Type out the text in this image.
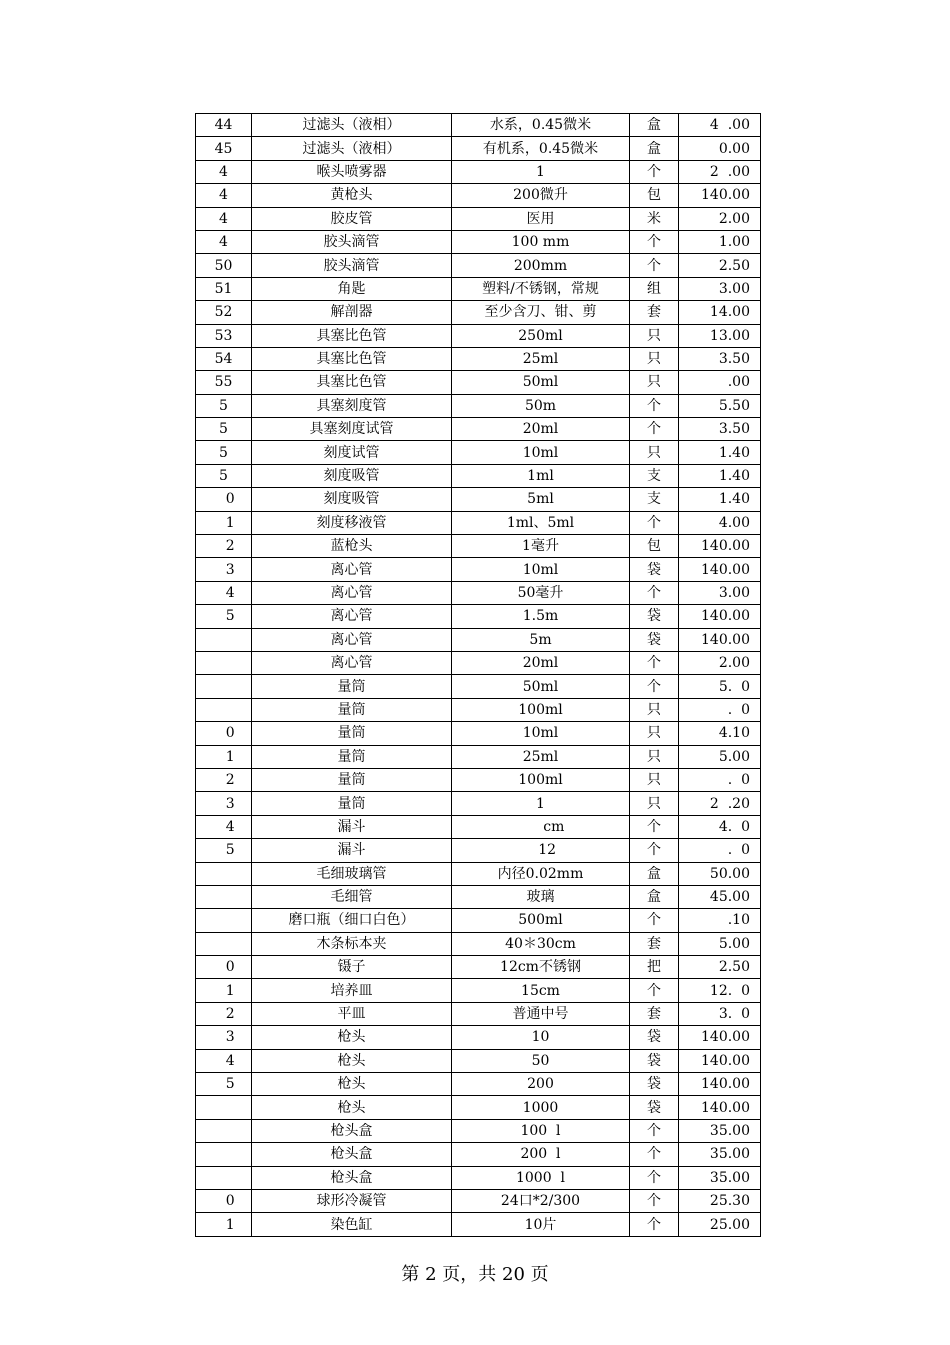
44	过滤头（液相）	水系，0.45微米	盒	4  .00
45	过滤头（液相）	有机系，0.45微米	盒	0.00
4	喉头喷雾器	1	个	2  .00
4	黄枪头	200微升	包	140.00
4	胶皮管	医用	米	2.00
4	胶头滴管	100 mm	个	1.00
50	胶头滴管	200mm	个	2.50
51	角匙	塑料/不锈钢，常规	组	3.00
52	解剖器	至少含刀、钳、剪	套	14.00
53	具塞比色管	250ml	只	13.00
54	具塞比色管	25ml	只	3.50
55	具塞比色管	50ml	只	.00
5	具塞刻度管	50m	个	5.50
5	具塞刻度试管	20ml	个	3.50
5	刻度试管	10ml	只	1.40
5	刻度吸管	1ml	支	1.40
0	刻度吸管	5ml	支	1.40
1	刻度移液管	1ml、5ml	个	4.00
2	蓝枪头	1毫升	包	140.00
3	离心管	10ml	袋	140.00
4	离心管	50毫升	个	3.00
5	离心管	1.5m	袋	140.00
	离心管	5m	袋	140.00
	离心管	20ml	个	2.00
	量筒	50ml	个	5.  0
	量筒	100ml	只	.  0
0	量筒	10ml	只	4.10
1	量筒	25ml	只	5.00
2	量筒	100ml	只	.  0
3	量筒	1	只	2  .20
4	漏斗	cm	个	4.  0
5	漏斗	12	个	.  0
	毛细玻璃管	内径0.02mm	盒	50.00
	毛细管	玻璃	盒	45.00
	磨口瓶（细口白色）	500ml	个	.10
	木条标本夹	40＊30cm	套	5.00
0	镊子	12cm不锈钢	把	2.50
1	培养皿	15cm	个	12.  0
2	平皿	普通中号	套	3.  0
3	枪头	10	袋	140.00
4	枪头	50	袋	140.00
5	枪头	200	袋	140.00
	枪头	1000	袋	140.00
	枪头盒	100  l	个	35.00
	枪头盒	200  l	个	35.00
	枪头盒	1000  l	个	35.00
0	球形冷凝管	24口*2/300	个	25.30
1	染色缸	10片	个	25.00
第 2 页，共 20 页
